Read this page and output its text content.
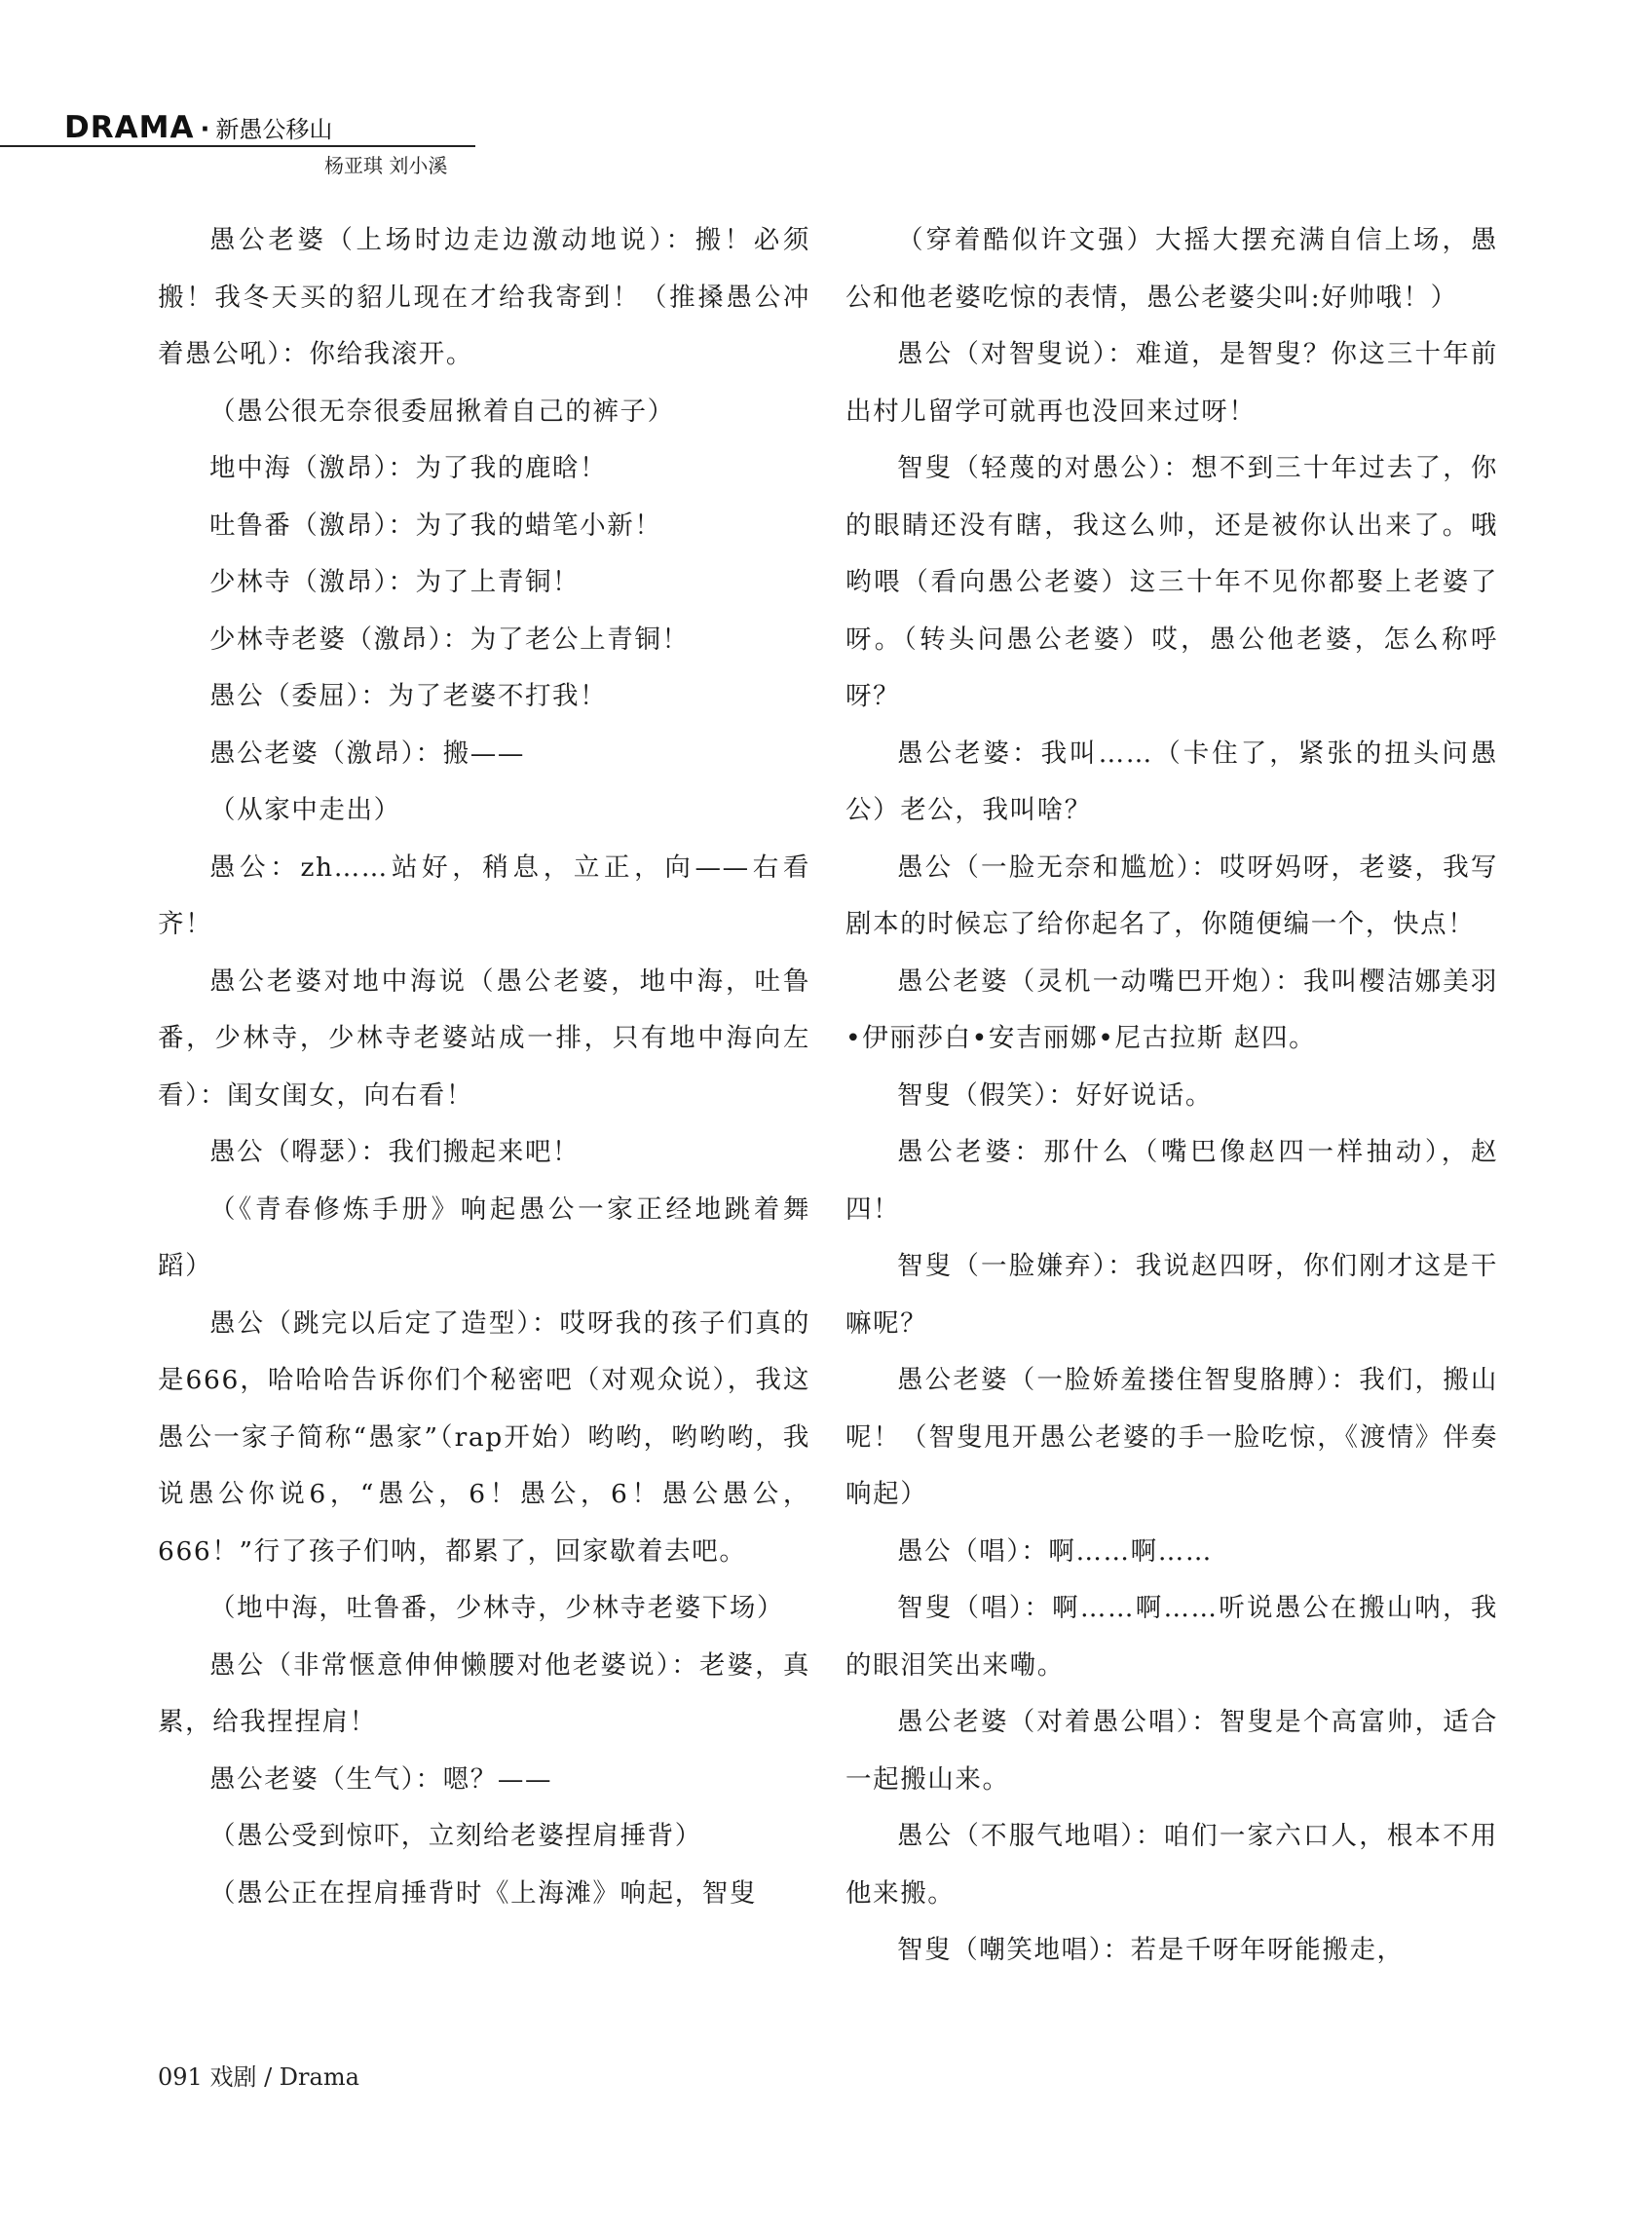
DRAMA · 新愚公移山
杨亚琪 刘小溪

愚公老婆（上场时边走边激动地说）：搬！必须搬！我冬天买的貂儿现在才给我寄到！（推搡愚公冲着愚公吼）：你给我滚开。

（愚公很无奈很委屈揪着自己的裤子）

地中海（激昂）：为了我的鹿晗！

吐鲁番（激昂）：为了我的蜡笔小新！

少林寺（激昂）：为了上青铜！

少林寺老婆（激昂）：为了老公上青铜！

愚公（委屈）：为了老婆不打我！

愚公老婆（激昂）：搬——

（从家中走出）

愚公：zh……站好，稍息，立正，向——右看齐！

愚公老婆对地中海说（愚公老婆，地中海，吐鲁番，少林寺，少林寺老婆站成一排，只有地中海向左看）：闺女闺女，向右看！

愚公（嘚瑟）：我们搬起来吧！

（《青春修炼手册》响起愚公一家正经地跳着舞蹈）

愚公（跳完以后定了造型）：哎呀我的孩子们真的是666，哈哈哈告诉你们个秘密吧（对观众说），我这愚公一家子简称“愚家”（rap开始）哟哟，哟哟哟，我说愚公你说6，“愚公，6！愚公，6！愚公愚公，666！”行了孩子们呐，都累了，回家歇着去吧。

（地中海，吐鲁番，少林寺，少林寺老婆下场）

愚公（非常惬意伸伸懒腰对他老婆说）：老婆，真累，给我捏捏肩！

愚公老婆（生气）：嗯？——

（愚公受到惊吓，立刻给老婆捏肩捶背）

（愚公正在捏肩捶背时《上海滩》响起，智叟

（穿着酷似许文强）大摇大摆充满自信上场，愚公和他老婆吃惊的表情，愚公老婆尖叫:好帅哦！）

愚公（对智叟说）：难道，是智叟？你这三十年前出村儿留学可就再也没回来过呀！

智叟（轻蔑的对愚公）：想不到三十年过去了，你的眼睛还没有瞎，我这么帅，还是被你认出来了。哦哟喂（看向愚公老婆）这三十年不见你都娶上老婆了呀。（转头问愚公老婆）哎，愚公他老婆，怎么称呼呀？

愚公老婆：我叫……（卡住了，紧张的扭头问愚公）老公，我叫啥？

愚公（一脸无奈和尴尬）：哎呀妈呀，老婆，我写剧本的时候忘了给你起名了，你随便编一个，快点！

愚公老婆（灵机一动嘴巴开炮）：我叫樱洁娜美羽•伊丽莎白•安吉丽娜•尼古拉斯 赵四。

智叟（假笑）：好好说话。

愚公老婆：那什么（嘴巴像赵四一样抽动），赵四！

智叟（一脸嫌弃）：我说赵四呀，你们刚才这是干嘛呢？

愚公老婆（一脸娇羞搂住智叟胳膊）：我们，搬山呢！（智叟甩开愚公老婆的手一脸吃惊，《渡情》伴奏响起）

愚公（唱）：啊……啊……

智叟（唱）：啊……啊……听说愚公在搬山呐，我的眼泪笑出来嘞。

愚公老婆（对着愚公唱）：智叟是个高富帅，适合一起搬山来。

愚公（不服气地唱）：咱们一家六口人，根本不用他来搬。

智叟（嘲笑地唱）：若是千呀年呀能搬走，

091 戏剧 / Drama
